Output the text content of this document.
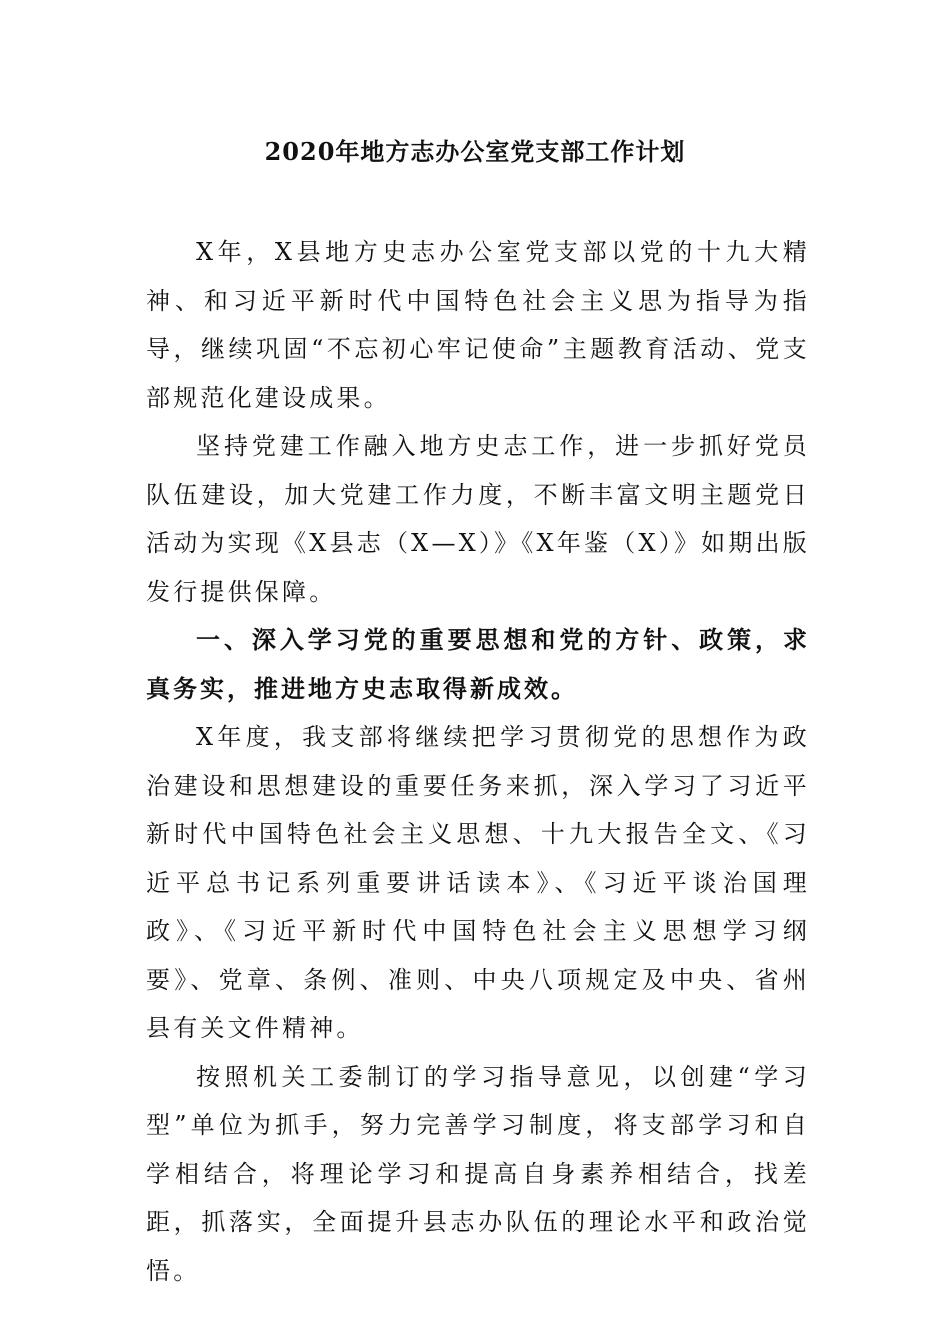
2020年地方志办公室党支部工作计划

X年，X县地方史志办公室党支部以党的十九大精神、和习近平新时代中国特色社会主义思为指导为指导，继续巩固“不忘初心牢记使命”主题教育活动、党支部规范化建设成果。

坚持党建工作融入地方史志工作，进一步抓好党员队伍建设，加大党建工作力度，不断丰富文明主题党日活动为实现《X县志（X—X）》《X年鉴（X）》如期出版发行提供保障。

一、深入学习党的重要思想和党的方针、政策，求真务实，推进地方史志取得新成效。

X年度，我支部将继续把学习贯彻党的思想作为政治建设和思想建设的重要任务来抓，深入学习了习近平新时代中国特色社会主义思想、十九大报告全文、《习近平总书记系列重要讲话读本》、《习近平谈治国理政》、《习近平新时代中国特色社会主义思想学习纲要》、党章、条例、准则、中央八项规定及中央、省州县有关文件精神。

按照机关工委制订的学习指导意见，以创建“学习型”单位为抓手，努力完善学习制度，将支部学习和自学相结合，将理论学习和提高自身素养相结合，找差距，抓落实，全面提升县志办队伍的理论水平和政治觉悟。
